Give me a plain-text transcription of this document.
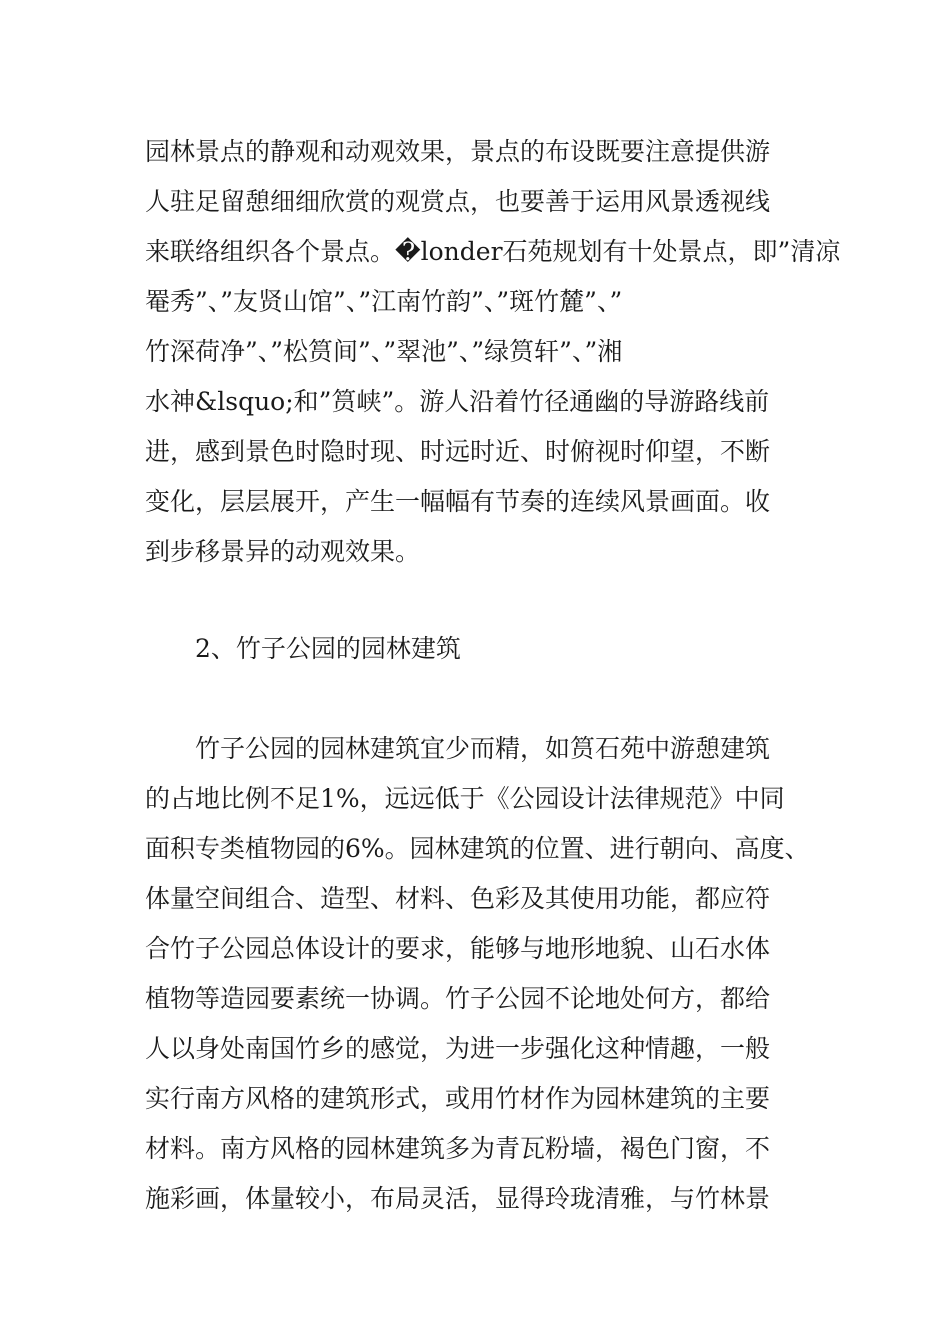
园林景点的静观和动观效果，景点的布设既要注意提供游
人驻足留憩细细欣赏的观赏点，也要善于运用风景透视线
来联络组织各个景点。�londer石苑规划有十处景点，即”清凉
罨秀”、”友贤山馆”、”江南竹韵”、”斑竹麓”、”
竹深荷净”、”松筼间”、”翠池”、”绿筼轩”、”湘
水神&lsquo;和”筼峡”。游人沿着竹径通幽的导游路线前
进，感到景色时隐时现、时远时近、时俯视时仰望，不断
变化，层层展开，产生一幅幅有节奏的连续风景画面。收
到步移景异的动观效果。
2、竹子公园的园林建筑
竹子公园的园林建筑宜少而精，如筼石苑中游憩建筑
的占地比例不足1%，远远低于《公园设计法律规范》中同
面积专类植物园的6%。园林建筑的位置、进行朝向、高度、
体量空间组合、造型、材料、色彩及其使用功能，都应符
合竹子公园总体设计的要求，能够与地形地貌、山石水体
植物等造园要素统一协调。竹子公园不论地处何方，都给
人以身处南国竹乡的感觉，为进一步强化这种情趣，一般
实行南方风格的建筑形式，或用竹材作为园林建筑的主要
材料。南方风格的园林建筑多为青瓦粉墙，褐色门窗，不
施彩画，体量较小，布局灵活，显得玲珑清雅，与竹林景
